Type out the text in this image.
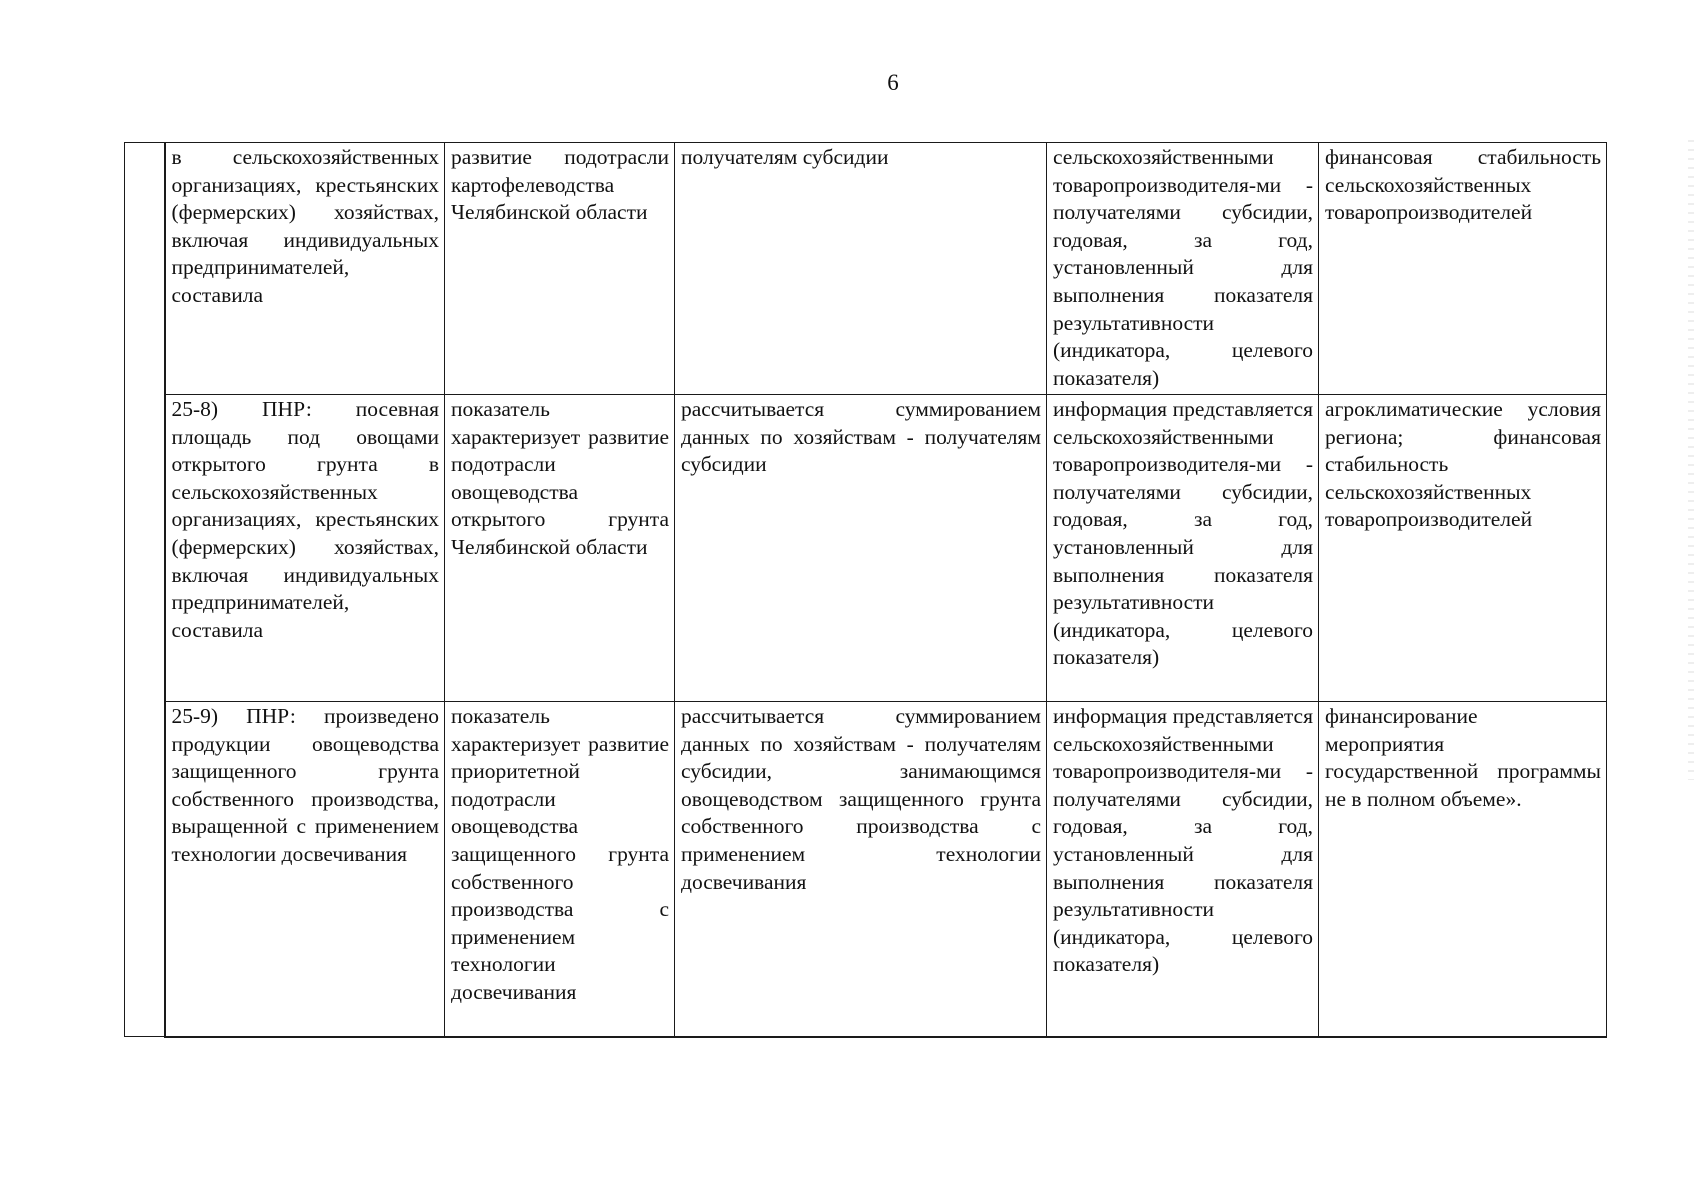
6
	в сельскохозяйственных организациях, крестьянских (фермерских) хозяйствах, включая индивидуальных предпринимателей, составила	развитие подотрасли картофелеводства Челябинской области	получателям субсидии	сельскохозяйственными товаропроизводителя-ми - получателями субсидии, годовая, за год, установленный для выполнения показателя результативности (индикатора, целевого показателя)	финансовая стабильность сельскохозяйственных товаропроизводителей
	25-8) ПНР: посевная площадь под овощами открытого грунта в сельскохозяйственных организациях, крестьянских (фермерских) хозяйствах, включая индивидуальных предпринимателей, составила	показатель характеризует развитие подотрасли овощеводства открытого грунта Челябинской области	рассчитывается суммированием данных по хозяйствам - получателям субсидии	информация представляется сельскохозяйственными товаропроизводителя-ми - получателями субсидии, годовая, за год, установленный для выполнения показателя результативности (индикатора, целевого показателя)	агроклиматические условия региона; финансовая стабильность сельскохозяйственных товаропроизводителей
	25-9) ПНР: произведено продукции овощеводства защищенного грунта собственного производства, выращенной с применением технологии досвечивания	показатель характеризует развитие приоритетной подотрасли овощеводства защищенного грунта собственного производства с применением технологии досвечивания	рассчитывается суммированием данных по хозяйствам - получателям субсидии, занимающимся овощеводством защищенного грунта собственного производства с применением технологии досвечивания	информация представляется сельскохозяйственными товаропроизводителя-ми - получателями субсидии, годовая, за год, установленный для выполнения показателя результативности (индикатора, целевого показателя)	финансирование мероприятия государственной программы не в полном объеме».
